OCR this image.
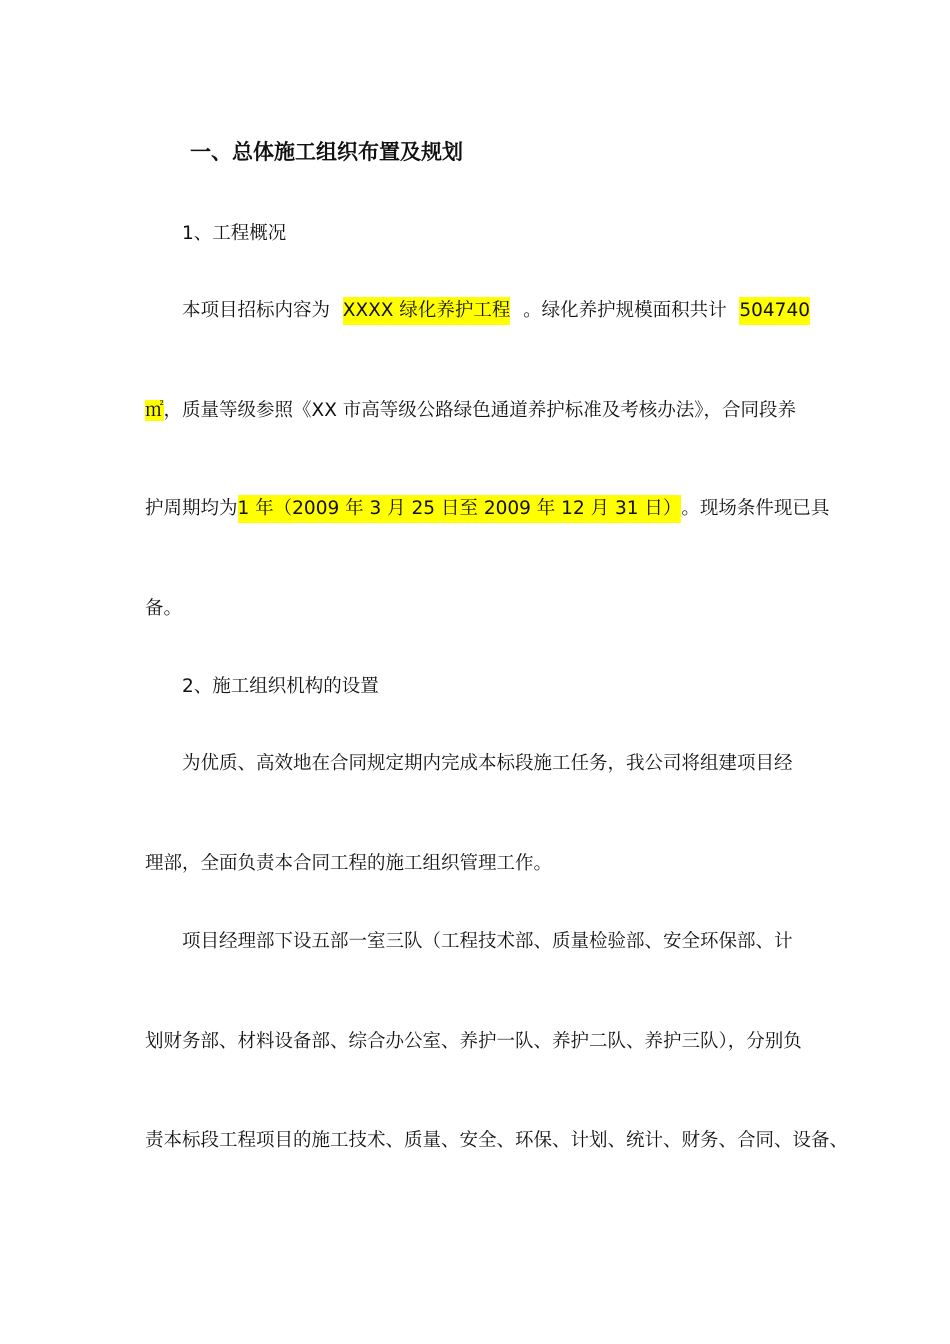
一、总体施工组织布置及规划
1、工程概况
本项目招标内容为 XXXX 绿化养护工程 。绿化养护规模面积共计 504740
㎡，质量等级参照《XX 市高等级公路绿色通道养护标准及考核办法》，合同段养
护周期均为 1 年（2009 年 3 月 25 日至 2009 年 12 月 31 日） 。现场条件现已具
备。
2、施工组织机构的设置
为优质、高效地在合同规定期内完成本标段施工任务，我公司将组建项目经
理部，全面负责本合同工程的施工组织管理工作。
项目经理部下设五部一室三队（工程技术部、质量检验部、安全环保部、计
划财务部、材料设备部、综合办公室、养护一队、养护二队、养护三队），分别负
责本标段工程项目的施工技术、质量、安全、环保、计划、统计、财务、合同、设备、
